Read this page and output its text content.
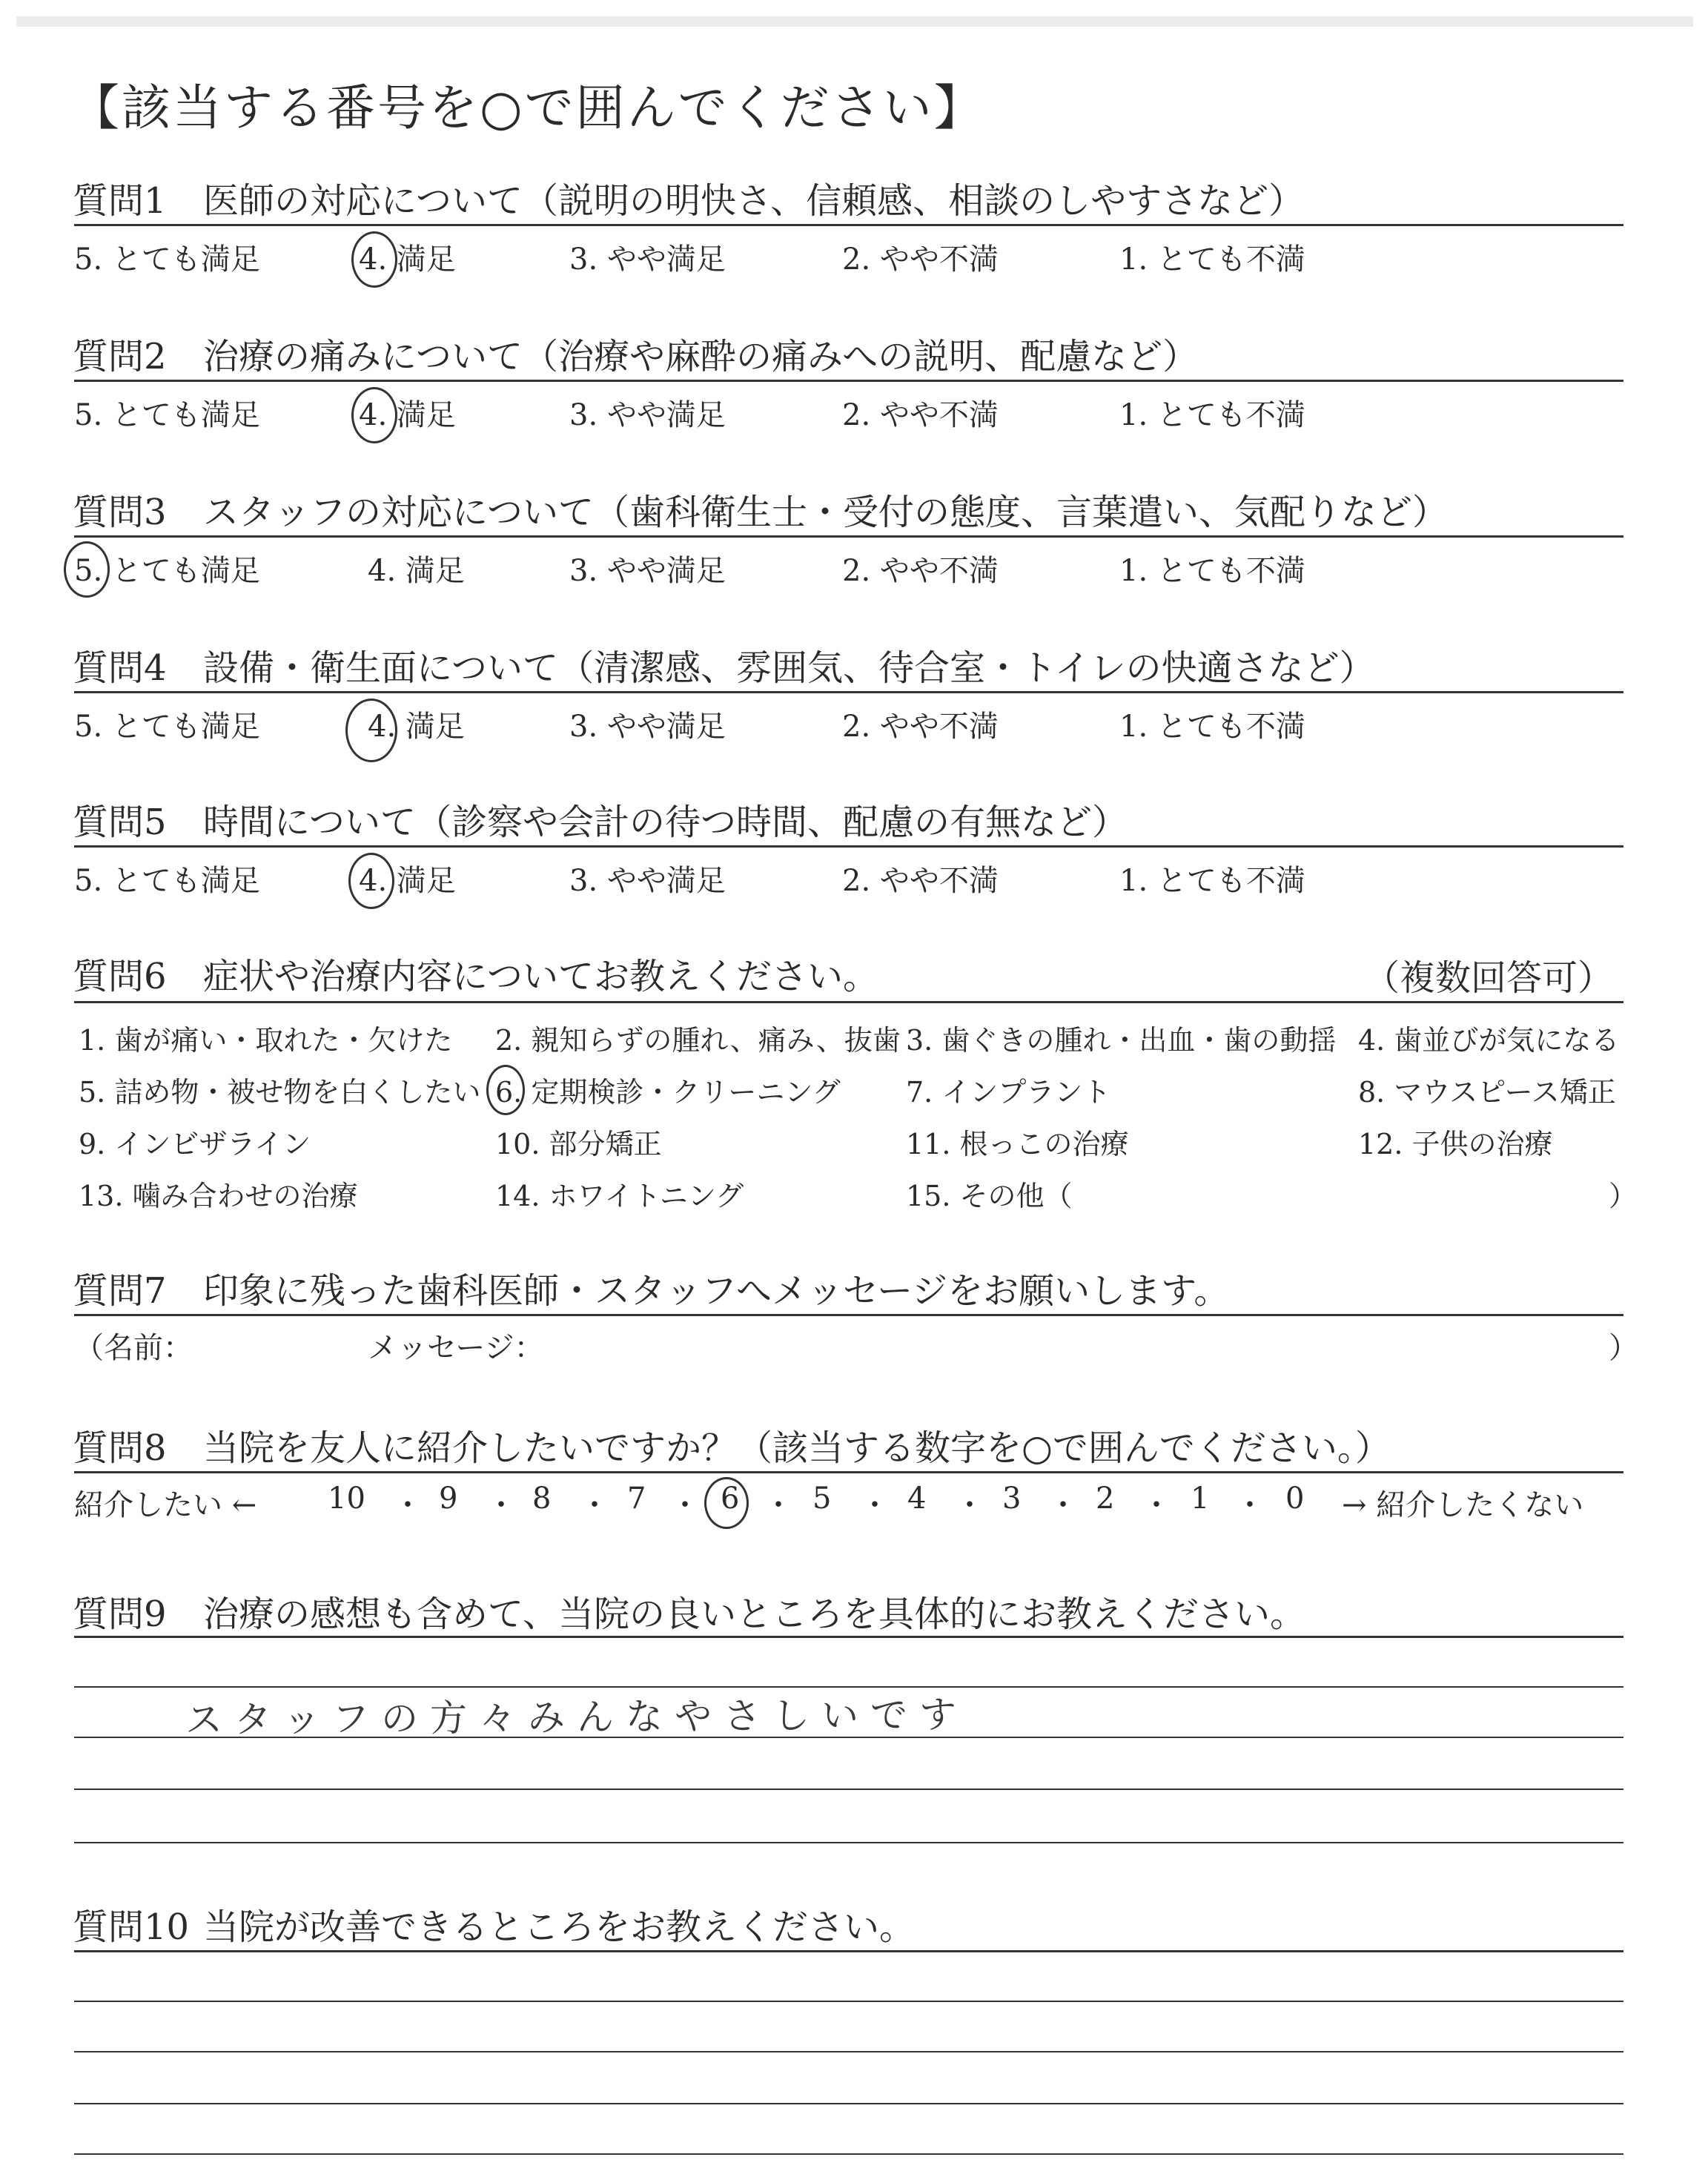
【該当する番号を○で囲んでください】
質問1 医師の対応について（説明の明快さ、信頼感、相談のしやすさなど）
5. とても満足	4. 満足	3. やや満足	2. やや不満	1. とても不満
質問2 治療の痛みについて（治療や麻酔の痛みへの説明、配慮など）
5. とても満足	4. 満足	3. やや満足	2. やや不満	1. とても不満
質問3 スタッフの対応について（歯科衛生士・受付の態度、言葉遣い、気配りなど）
5. とても満足	4. 満足	3. やや満足	2. やや不満	1. とても不満
質問4 設備・衛生面について（清潔感、雰囲気、待合室・トイレの快適さなど）
5. とても満足	4. 満足	3. やや満足	2. やや不満	1. とても不満
質問5 時間について（診察や会計の待つ時間、配慮の有無など）
5. とても満足	4. 満足	3. やや満足	2. やや不満	1. とても不満
質問6 症状や治療内容についてお教えください。	（複数回答可）
1. 歯が痛い・取れた・欠けた 2. 親知らずの腫れ、痛み、抜歯 3. 歯ぐきの腫れ・出血・歯の動揺 4. 歯並びが気になる
5. 詰め物・被せ物を白くしたい 6. 定期検診・クリーニング 7. インプラント	8. マウスピース矯正
9. インビザライン	10. 部分矯正	11. 根っこの治療	12. 子供の治療
13. 噛み合わせの治療	14. ホワイトニング	15. その他（	）
質問7 印象に残った歯科医師・スタッフへメッセージをお願いします。
（名前：	メッセージ：	）
質問8 当院を友人に紹介したいですか？（該当する数字を○で囲んでください。）
紹介したい ← 10 ・ 9 ・ 8 ・ 7 ・ 6 ・ 5 ・ 4 ・ 3 ・ 2 ・ 1 ・ 0 → 紹介したくない
質問9 治療の感想も含めて、当院の良いところを具体的にお教えください。
スタッフの方々みんなやさしいです
質問10 当院が改善できるところをお教えください。
